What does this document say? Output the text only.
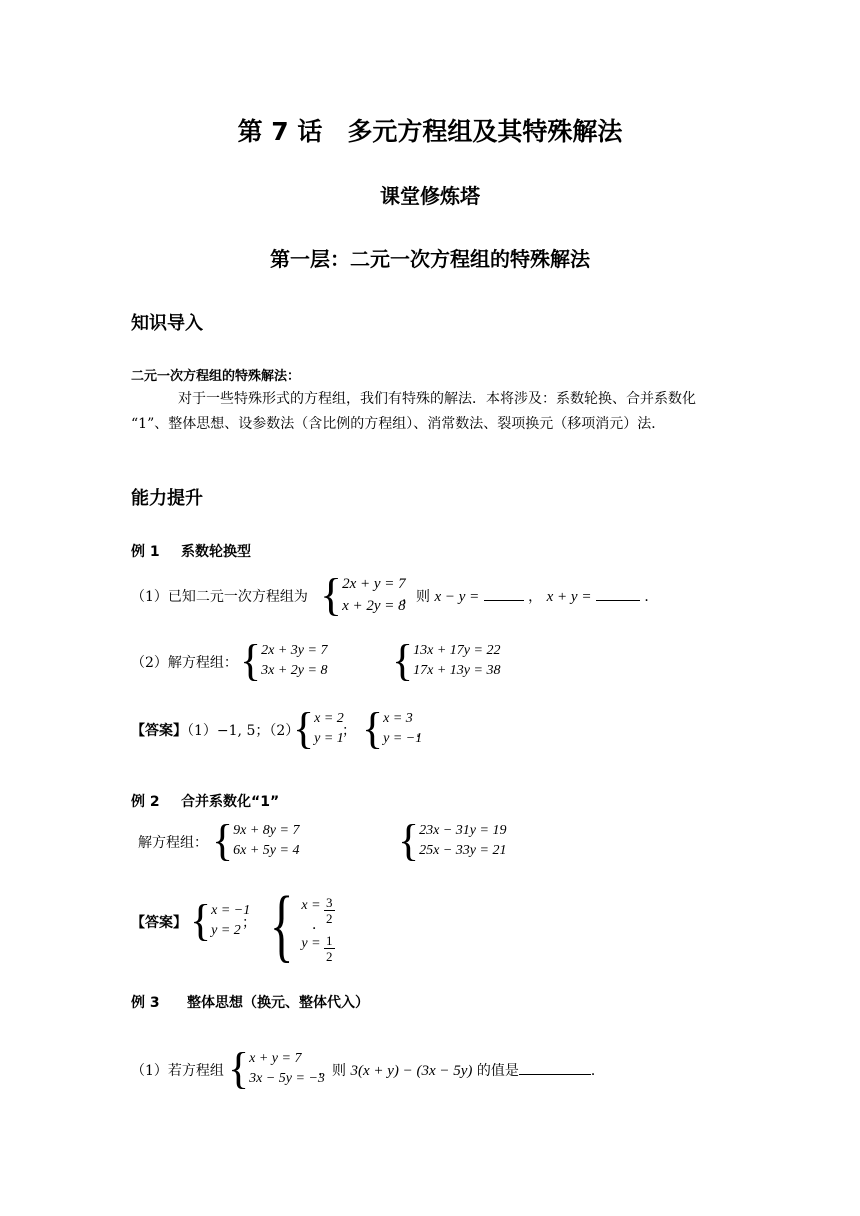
第 7 话　多元方程组及其特殊解法
课堂修炼塔
第一层：二元一次方程组的特殊解法
知识导入
二元一次方程组的特殊解法：
对于一些特殊形式的方程组，我们有特殊的解法．本将涉及：系数轮换、合并系数化
“1”、整体思想、设参数法（含比例的方程组）、消常数法、裂项换元（移项消元）法．
能力提升
例 1 系数轮换型
（1）已知二元一次方程组为 { 2x + y = 7
x + 2y = 8
，则 x − y =	， x + y =	．
（2）解方程组： { 2x + 3y = 7
3x + 2y = 8 { 13x + 17y = 22
17x + 13y = 38
【答案】（1）−1, 5；（2）
{ x = 2
y = 1
； { x = 3
y = −1
．
例 2 合并系数化“1”
解方程组： { 9x + 8y = 7
6x + 5y = 4 { 23x − 31y = 19
25x − 33y = 21
【答案】 { x = −1
y = 2 ； { $x = \frac{3}{2}$
$y = \frac{1}{2}$
．
例 3 整体思想（换元、整体代入）
（1）若方程组 { x + y = 7
3x − 5y = −3
，则 3(x + y) − (3x − 5y) 的值是	．
